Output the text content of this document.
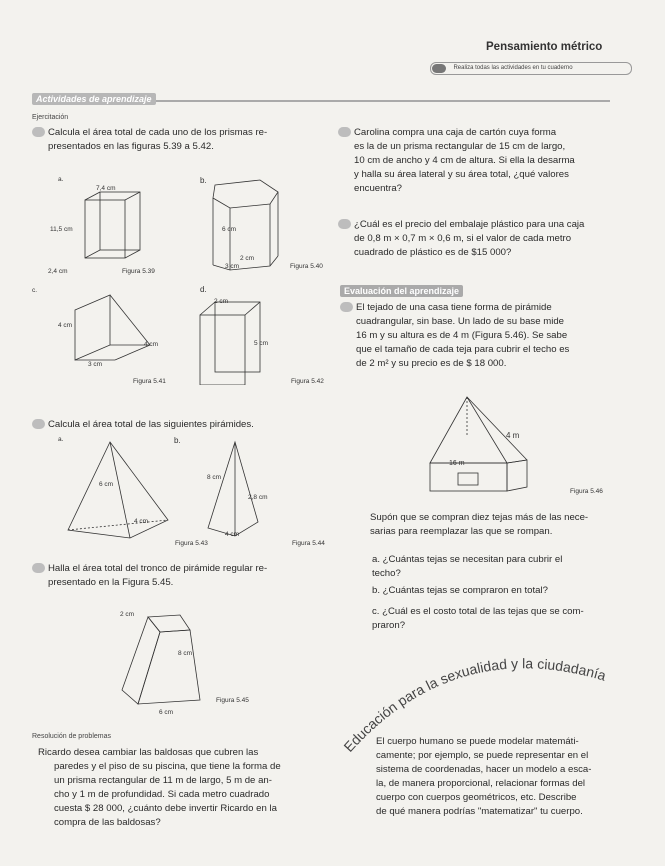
Pensamiento métrico
$^{Realiza todas las actividades en tu cuaderno}$
Actividades de aprendizaje
Ejercitación
Calcula el área total de cada uno de los prismas re-
presentados en las figuras 5.39 a 5.42.
a.	b.
7,4 cm
11,5 cm
2,4 cm	Figura 5.39
6 cm
2 cm
3 cm	Figura 5.40
c.	d.
4 cm
4 cm
3 cm
Figura 5.41
2 cm
5 cm
Figura 5.42
Calcula el área total de las siguientes pirámides.
a.	b.
6 cm
4 cm
Figura 5.43
8 cm
2,8 cm
4 cm
Figura 5.44
Halla el área total del tronco de pirámide regular re-
presentado en la Figura 5.45.
2 cm
8 cm
6 cm
Figura 5.45
Resolución de problemas
Ricardo desea cambiar las baldosas que cubren las
paredes y el piso de su piscina, que tiene la forma de
un prisma rectangular de 11 m de largo, 5 m de an-
cho y 1 m de profundidad. Si cada metro cuadrado
cuesta $ 28 000, ¿cuánto debe invertir Ricardo en la
compra de las baldosas?
Carolina compra una caja de cartón cuya forma
es la de un prisma rectangular de 15 cm de largo,
10 cm de ancho y 4 cm de altura. Si ella la desarma
y halla su área lateral y su área total, ¿qué valores
encuentra?
¿Cuál es el precio del embalaje plástico para una caja
de 0,8 m × 0,7 m × 0,6 m, si el valor de cada metro
cuadrado de plástico es de $15 000?
Evaluación del aprendizaje
El tejado de una casa tiene forma de pirámide
cuadrangular, sin base. Un lado de su base mide
16 m y su altura es de 4 m (Figura 5.46). Se sabe
que el tamaño de cada teja para cubrir el techo es
de 2 m² y su precio es de $ 18 000.
4 m
16 m
Figura 5.46
Supón que se compran diez tejas más de las nece-
sarias para reemplazar las que se rompan.
a. ¿Cuántas tejas se necesitan para cubrir el
techo?
b. ¿Cuántas tejas se compraron en total?
c. ¿Cuál es el costo total de las tejas que se com-
praron?
Educación para la sexualidad y la ciudadanía
El cuerpo humano se puede modelar matemáti-
camente; por ejemplo, se puede representar en el
sistema de coordenadas, hacer un modelo a esca-
la, de manera proporcional, relacionar formas del
cuerpo con cuerpos geométricos, etc. Describe
de qué manera podrías "matematizar" tu cuerpo.
